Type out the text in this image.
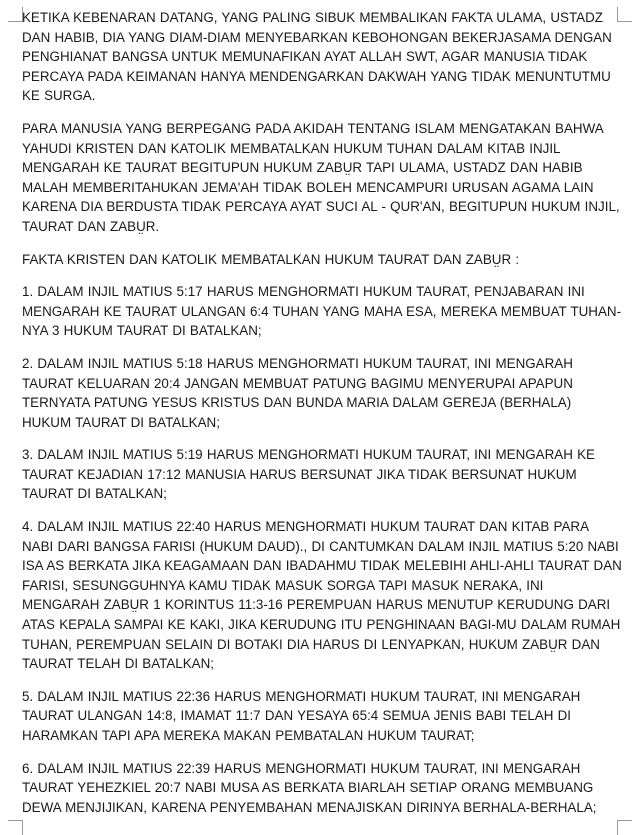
KETIKA KEBENARAN DATANG, YANG PALING SIBUK MEMBALIKAN FAKTA ULAMA, USTADZ DAN HABIB, DIA YANG DIAM-DIAM MENYEBARKAN KEBOHONGAN BEKERJASAMA DENGAN PENGHIANAT BANGSA UNTUK MEMUNAFIKAN AYAT ALLAH SWT, AGAR MANUSIA TIDAK PERCAYA PADA KEIMANAN HANYA MENDENGARKAN DAKWAH YANG TIDAK MENUNTUTMU KE SURGA.

PARA MANUSIA YANG BERPEGANG PADA AKIDAH TENTANG ISLAM MENGATAKAN BAHWA YAHUDI KRISTEN DAN KATOLIK MEMBATALKAN HUKUM TUHAN DALAM KITAB INJIL MENGARAH KE TAURAT BEGITUPUN HUKUM ZABṲR TAPI ULAMA, USTADZ DAN HABIB MALAH MEMBERITAHUKAN JEMA'AH TIDAK BOLEH MENCAMPURI URUSAN AGAMA LAIN KARENA DIA BERDUSTA TIDAK PERCAYA AYAT SUCI AL - QUR'AN, BEGITUPUN HUKUM INJIL, TAURAT DAN ZABṲR.

FAKTA KRISTEN DAN KATOLIK MEMBATALKAN HUKUM TAURAT DAN ZABṲR :

1. DALAM INJIL MATIUS 5:17 HARUS MENGHORMATI HUKUM TAURAT, PENJABARAN INI MENGARAH KE TAURAT ULANGAN 6:4 TUHAN YANG MAHA ESA, MEREKA MEMBUAT TUHAN-NYA 3 HUKUM TAURAT DI BATALKAN;

2. DALAM INJIL MATIUS 5:18 HARUS MENGHORMATI HUKUM TAURAT, INI MENGARAH TAURAT KELUARAN 20:4 JANGAN MEMBUAT PATUNG BAGIMU MENYERUPAI APAPUN TERNYATA PATUNG YESUS KRISTUS DAN BUNDA MARIA DALAM GEREJA (BERHALA) HUKUM TAURAT DI BATALKAN;

3. DALAM INJIL MATIUS 5:19 HARUS MENGHORMATI HUKUM TAURAT, INI MENGARAH KE TAURAT KEJADIAN 17:12 MANUSIA HARUS BERSUNAT JIKA TIDAK BERSUNAT HUKUM TAURAT DI BATALKAN;

4. DALAM INJIL MATIUS 22:40 HARUS MENGHORMATI HUKUM TAURAT DAN KITAB PARA NABI DARI BANGSA FARISI (HUKUM DAUD)., DI CANTUMKAN DALAM INJIL MATIUS 5:20 NABI ISA AS BERKATA JIKA KEAGAMAAN DAN IBADAHMU TIDAK MELEBIHI AHLI-AHLI TAURAT DAN FARISI, SESUNGGUHNYA KAMU TIDAK MASUK SORGA TAPI MASUK NERAKA, INI MENGARAH ZABṲR 1 KORINTUS 11:3-16 PEREMPUAN HARUS MENUTUP KERUDUNG DARI ATAS KEPALA SAMPAI KE KAKI, JIKA KERUDUNG ITU PENGHINAAN BAGI-MU DALAM RUMAH TUHAN, PEREMPUAN SELAIN DI BOTAKI DIA HARUS DI LENYAPKAN, HUKUM ZABṲR DAN TAURAT TELAH DI BATALKAN;

5. DALAM INJIL MATIUS 22:36 HARUS MENGHORMATI HUKUM TAURAT, INI MENGARAH TAURAT ULANGAN 14:8, IMAMAT 11:7 DAN YESAYA 65:4 SEMUA JENIS BABI TELAH DI HARAMKAN TAPI APA MEREKA MAKAN PEMBATALAN HUKUM TAURAT;

6. DALAM INJIL MATIUS 22:39 HARUS MENGHORMATI HUKUM TAURAT, INI MENGARAH TAURAT YEHEZKIEL 20:7 NABI MUSA AS BERKATA BIARLAH SETIAP ORANG MEMBUANG DEWA MENJIJIKAN, KARENA PENYEMBAHAN MENAJISKAN DIRINYA BERHALA-BERHALA;
